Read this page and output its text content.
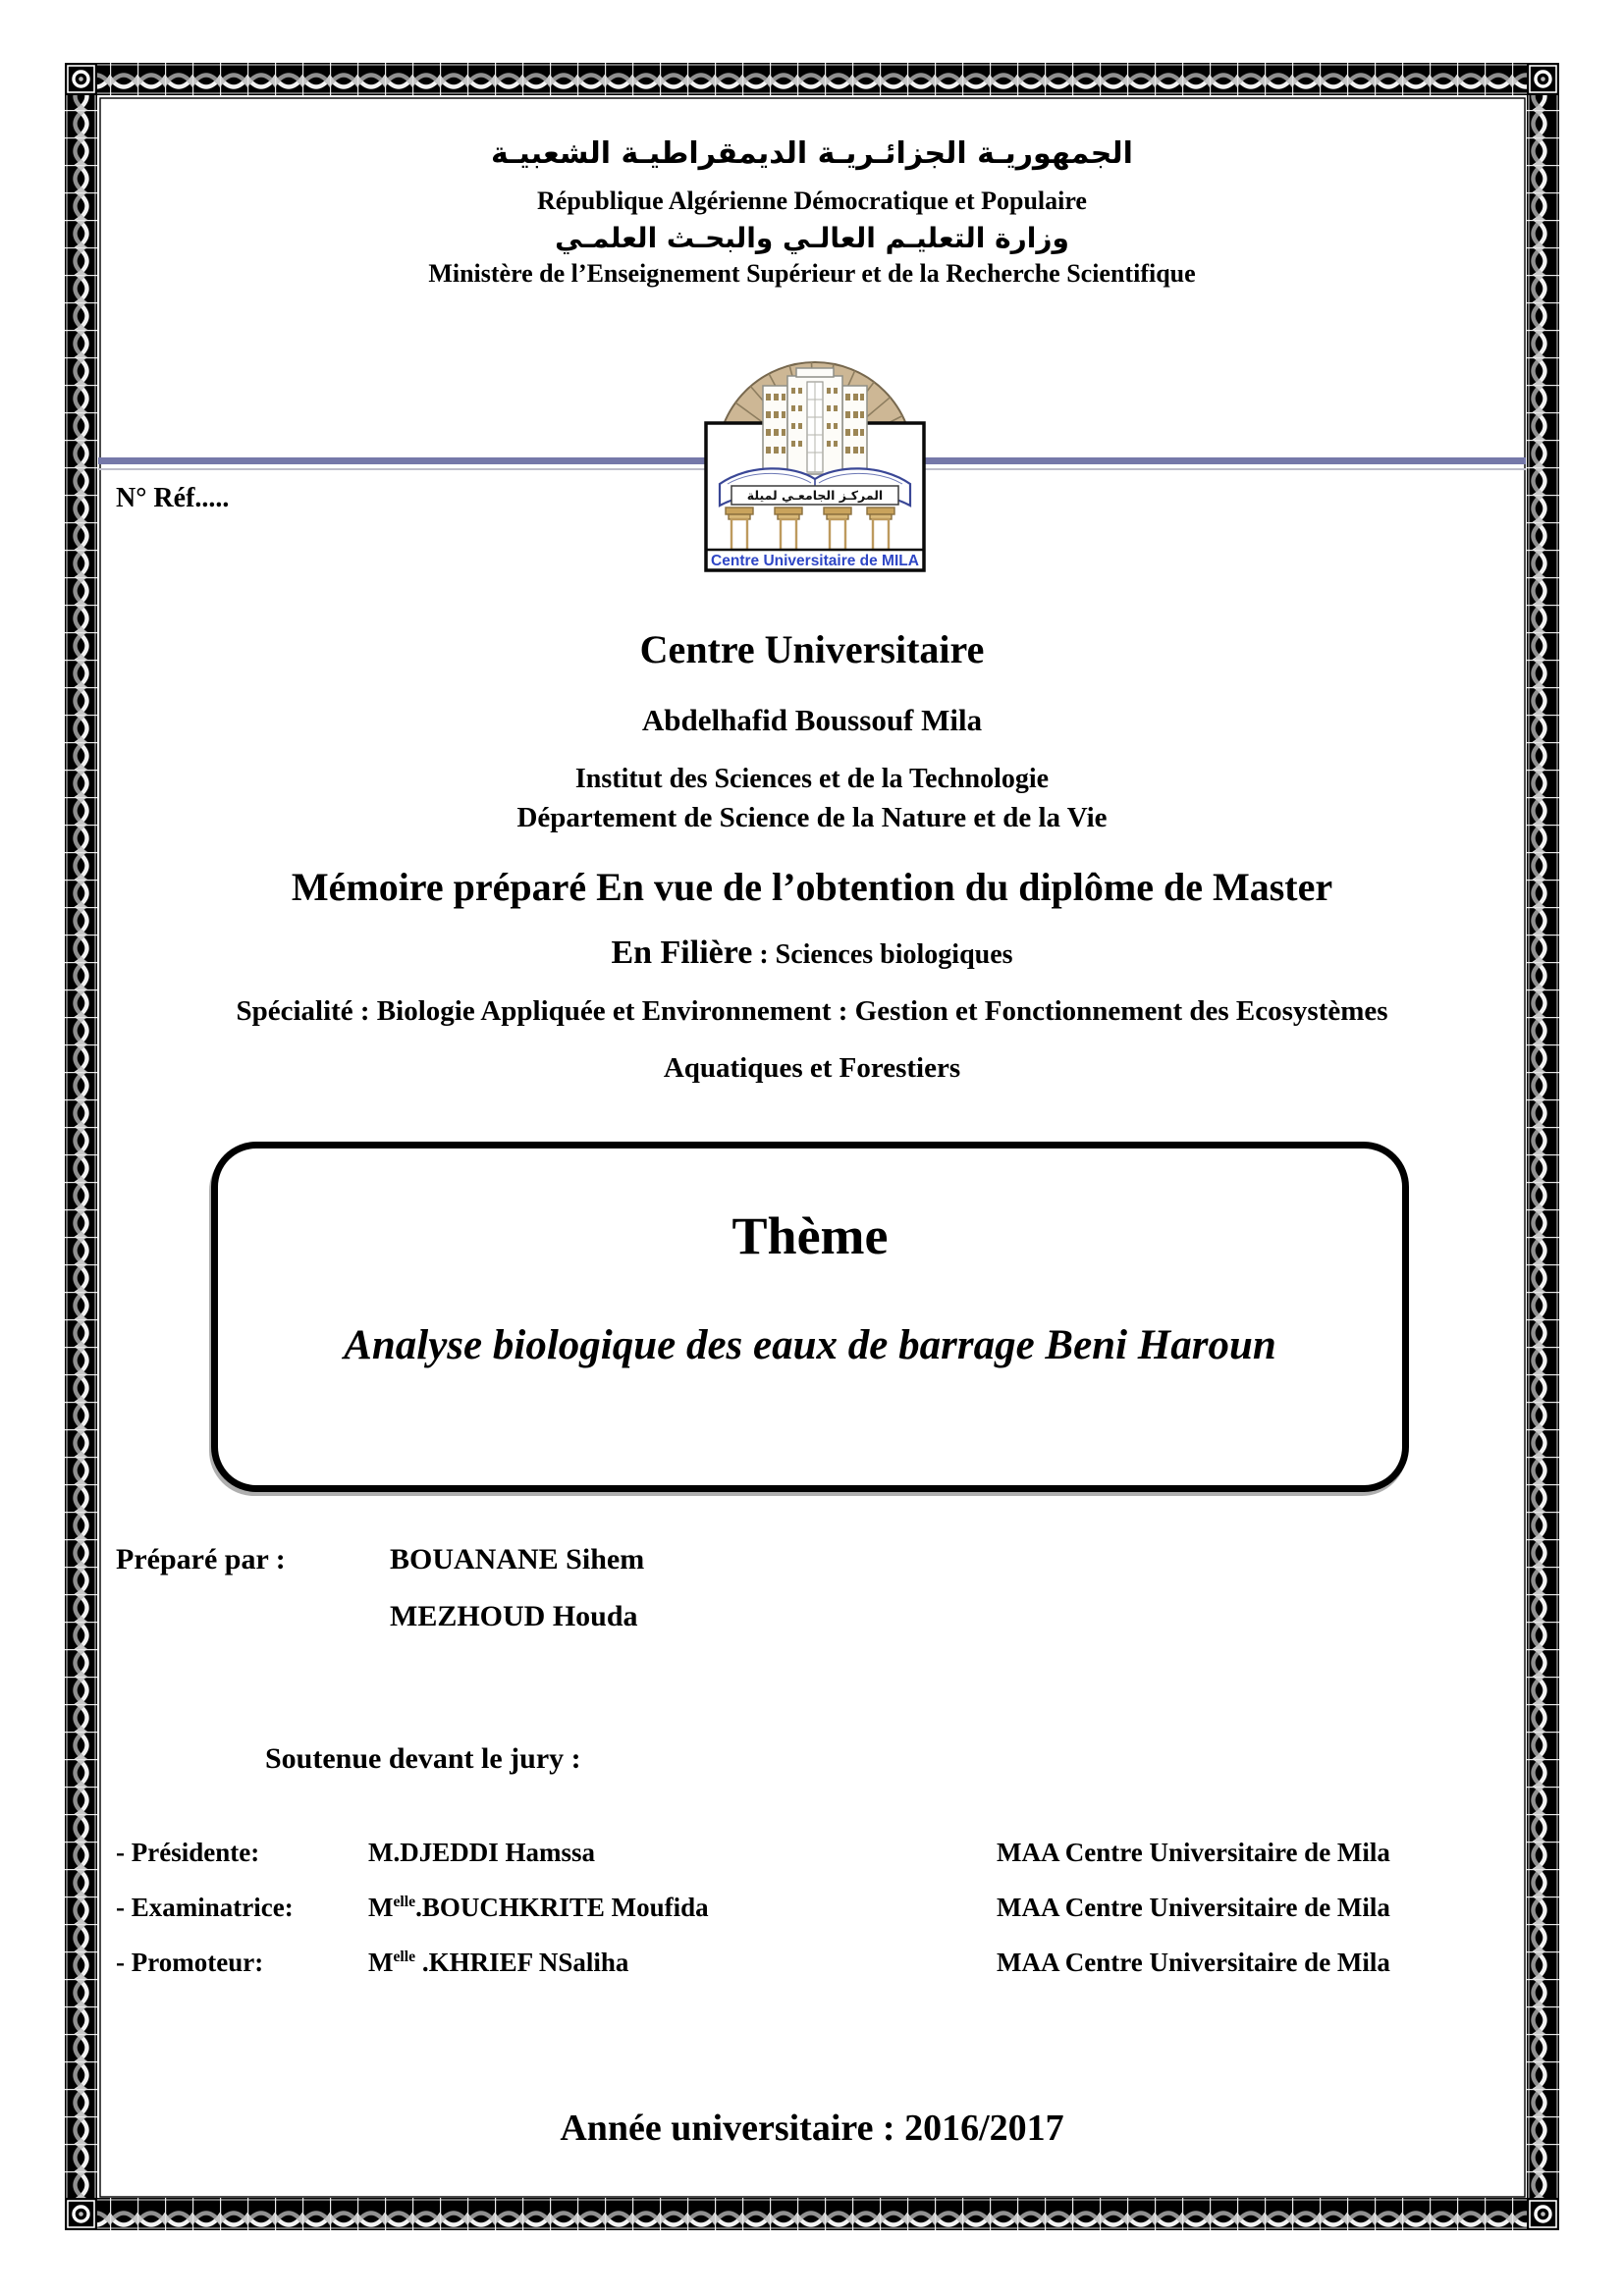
الجمهوريـة الجزائـريـة الديمقراطيـة الشعبيـة
République Algérienne Démocratique et Populaire
وزارة التعليـم العالـي والبحـث العلمـي
Ministère de l’Enseignement Supérieur et de la Recherche Scientifique
N° Réf.....	المركـز الجامعـي لميلة
Centre Universitaire de MILA
Centre Universitaire
Abdelhafid Boussouf Mila
Institut des Sciences et de la Technologie
Département de Science de la Nature et de la Vie
Mémoire préparé En vue de l’obtention du diplôme de Master
En Filière : Sciences biologiques
Spécialité : Biologie Appliquée et Environnement : Gestion et Fonctionnement des Ecosystèmes
Aquatiques et Forestiers
Thème
Analyse biologique des eaux de barrage Beni Haroun
Préparé par :	BOUANANE Sihem
MEZHOUD Houda
Soutenue devant le jury :
- Présidente:	M.DJEDDI Hamssa	MAA Centre Universitaire de Mila
- Examinatrice:	$M^{elle}.BOUCHKRITE$ Moufida	MAA Centre Universitaire de Mila
- Promoteur:	$M^{elle}$ .KHRIEF NSaliha	MAA Centre Universitaire de Mila
Année universitaire : 2016/2017
